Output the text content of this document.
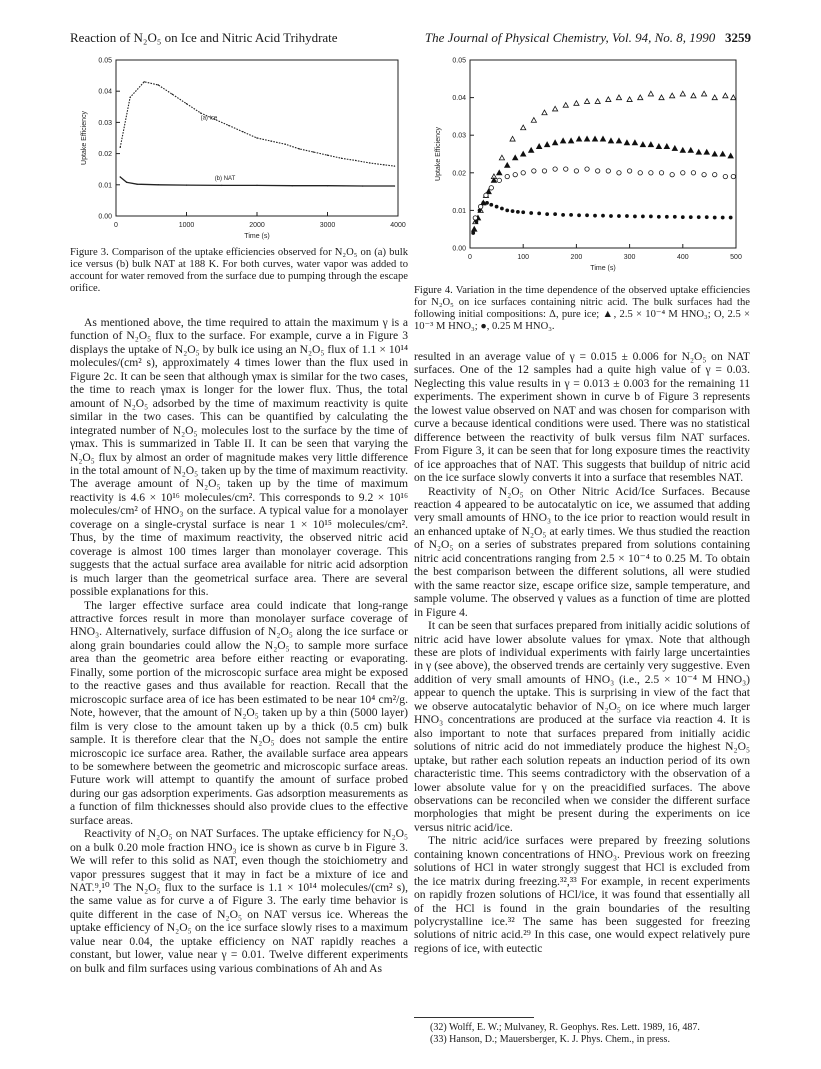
Reaction of N₂O₅ on Ice and Nitric Acid Trihydrate	The Journal of Physical Chemistry, Vol. 94, No. 8, 1990 3259
0	1000	2000	3000	4000
0.00
0.01
0.02
0.03
0.04
0.05
Time (s)
Uptake Efficiency	(a) ice
(b) NAT
Figure 3. Comparison of the uptake efficiencies observed for N₂O₅ on (a) bulk ice versus (b) bulk NAT at 188 K. For both curves, water vapor was added to account for water removed from the surface due to pumping through the escape orifice.
0	100	200	300	400	500
0.00
0.01
0.02
0.03
0.04
0.05
Time (s)
Uptake Efficiency
Figure 4. Variation in the time dependence of the observed uptake efficiencies for N₂O₅ on ice surfaces containing nitric acid. The bulk surfaces had the following initial compositions: Δ, pure ice; ▲, 2.5 × 10⁻⁴ M HNO₃; O, 2.5 × 10⁻³ M HNO₃; ●, 0.25 M HNO₃.

As mentioned above, the time required to attain the maximum γ is a function of N₂O₅ flux to the surface. For example, curve a in Figure 3 displays the uptake of N₂O₅ by bulk ice using an N₂O₅ flux of 1.1 × 10¹⁴ molecules/(cm² s), approximately 4 times lower than the flux used in Figure 2c. It can be seen that although γmax is similar for the two cases, the time to reach γmax is longer for the lower flux. Thus, the total amount of N₂O₅ adsorbed by the time of maximum reactivity is quite similar in the two cases. This can be quantified by calculating the integrated number of N₂O₅ molecules lost to the surface by the time of γmax. This is summarized in Table II. It can be seen that varying the N₂O₅ flux by almost an order of magnitude makes very little difference in the total amount of N₂O₅ taken up by the time of maximum reactivity. The average amount of N₂O₅ taken up by the time of maximum reactivity is 4.6 × 10¹⁶ molecules/cm². This corresponds to 9.2 × 10¹⁶ molecules/cm² of HNO₃ on the surface. A typical value for a monolayer coverage on a single-crystal surface is near 1 × 10¹⁵ molecules/cm². Thus, by the time of maximum reactivity, the observed nitric acid coverage is almost 100 times larger than monolayer coverage. This suggests that the actual surface area available for nitric acid adsorption is much larger than the geometrical surface area. There are several possible explanations for this.

The larger effective surface area could indicate that long-range attractive forces result in more than monolayer surface coverage of HNO₃. Alternatively, surface diffusion of N₂O₅ along the ice surface or along grain boundaries could allow the N₂O₅ to sample more surface area than the geometric area before either reacting or evaporating. Finally, some portion of the microscopic surface area might be exposed to the reactive gases and thus available for reaction. Recall that the microscopic surface area of ice has been estimated to be near 10⁴ cm²/g. Note, however, that the amount of N₂O₅ taken up by a thin (5000 layer) film is very close to the amount taken up by a thick (0.5 cm) bulk sample. It is therefore clear that the N₂O₅ does not sample the entire microscopic ice surface area. Rather, the available surface area appears to be somewhere between the geometric and microscopic surface areas. Future work will attempt to quantify the amount of surface probed during our gas adsorption experiments. Gas adsorption measurements as a function of film thicknesses should also provide clues to the effective surface areas.

Reactivity of N₂O₅ on NAT Surfaces. The uptake efficiency for N₂O₅ on a bulk 0.20 mole fraction HNO₃ ice is shown as curve b in Figure 3. We will refer to this solid as NAT, even though the stoichiometry and vapor pressures suggest that it may in fact be a mixture of ice and NAT.⁹,¹⁰ The N₂O₅ flux to the surface is 1.1 × 10¹⁴ molecules/(cm² s), the same value as for curve a of Figure 3. The early time behavior is quite different in the case of N₂O₅ on NAT versus ice. Whereas the uptake efficiency of N₂O₅ on the ice surface slowly rises to a maximum value near 0.04, the uptake efficiency on NAT rapidly reaches a constant, but lower, value near γ = 0.01. Twelve different experiments on bulk and film surfaces using various combinations of Ah and As

resulted in an average value of γ = 0.015 ± 0.006 for N₂O₅ on NAT surfaces. One of the 12 samples had a quite high value of γ = 0.03. Neglecting this value results in γ = 0.013 ± 0.003 for the remaining 11 experiments. The experiment shown in curve b of Figure 3 represents the lowest value observed on NAT and was chosen for comparison with curve a because identical conditions were used. There was no statistical difference between the reactivity of bulk versus film NAT surfaces. From Figure 3, it can be seen that for long exposure times the reactivity of ice approaches that of NAT. This suggests that buildup of nitric acid on the ice surface slowly converts it into a surface that resembles NAT.

Reactivity of N₂O₅ on Other Nitric Acid/Ice Surfaces. Because reaction 4 appeared to be autocatalytic on ice, we assumed that adding very small amounts of HNO₃ to the ice prior to reaction would result in an enhanced uptake of N₂O₅ at early times. We thus studied the reaction of N₂O₅ on a series of substrates prepared from solutions containing nitric acid concentrations ranging from 2.5 × 10⁻⁴ to 0.25 M. To obtain the best comparison between the different solutions, all were studied with the same reactor size, escape orifice size, sample temperature, and sample volume. The observed γ values as a function of time are plotted in Figure 4.

It can be seen that surfaces prepared from initially acidic solutions of nitric acid have lower absolute values for γmax. Note that although these are plots of individual experiments with fairly large uncertainties in γ (see above), the observed trends are certainly very suggestive. Even addition of very small amounts of HNO₃ (i.e., 2.5 × 10⁻⁴ M HNO₃) appear to quench the uptake. This is surprising in view of the fact that we observe autocatalytic behavior of N₂O₅ on ice where much larger HNO₃ concentrations are produced at the surface via reaction 4. It is also important to note that surfaces prepared from initially acidic solutions of nitric acid do not immediately produce the highest N₂O₅ uptake, but rather each solution repeats an induction period of its own characteristic time. This seems contradictory with the observation of a lower absolute value for γ on the preacidified surfaces. The above observations can be reconciled when we consider the different surface morphologies that might be present during the experiments on ice versus nitric acid/ice.

The nitric acid/ice surfaces were prepared by freezing solutions containing known concentrations of HNO₃. Previous work on freezing solutions of HCl in water strongly suggest that HCl is excluded from the ice matrix during freezing.³²,³³ For example, in recent experiments on rapidly frozen solutions of HCl/ice, it was found that essentially all of the HCl is found in the grain boundaries of the resulting polycrystalline ice.³² The same has been suggested for freezing solutions of nitric acid.²⁹ In this case, one would expect relatively pure regions of ice, with eutectic

(32) Wolff, E. W.; Mulvaney, R. Geophys. Res. Lett. 1989, 16, 487.
(33) Hanson, D.; Mauersberger, K. J. Phys. Chem., in press.
